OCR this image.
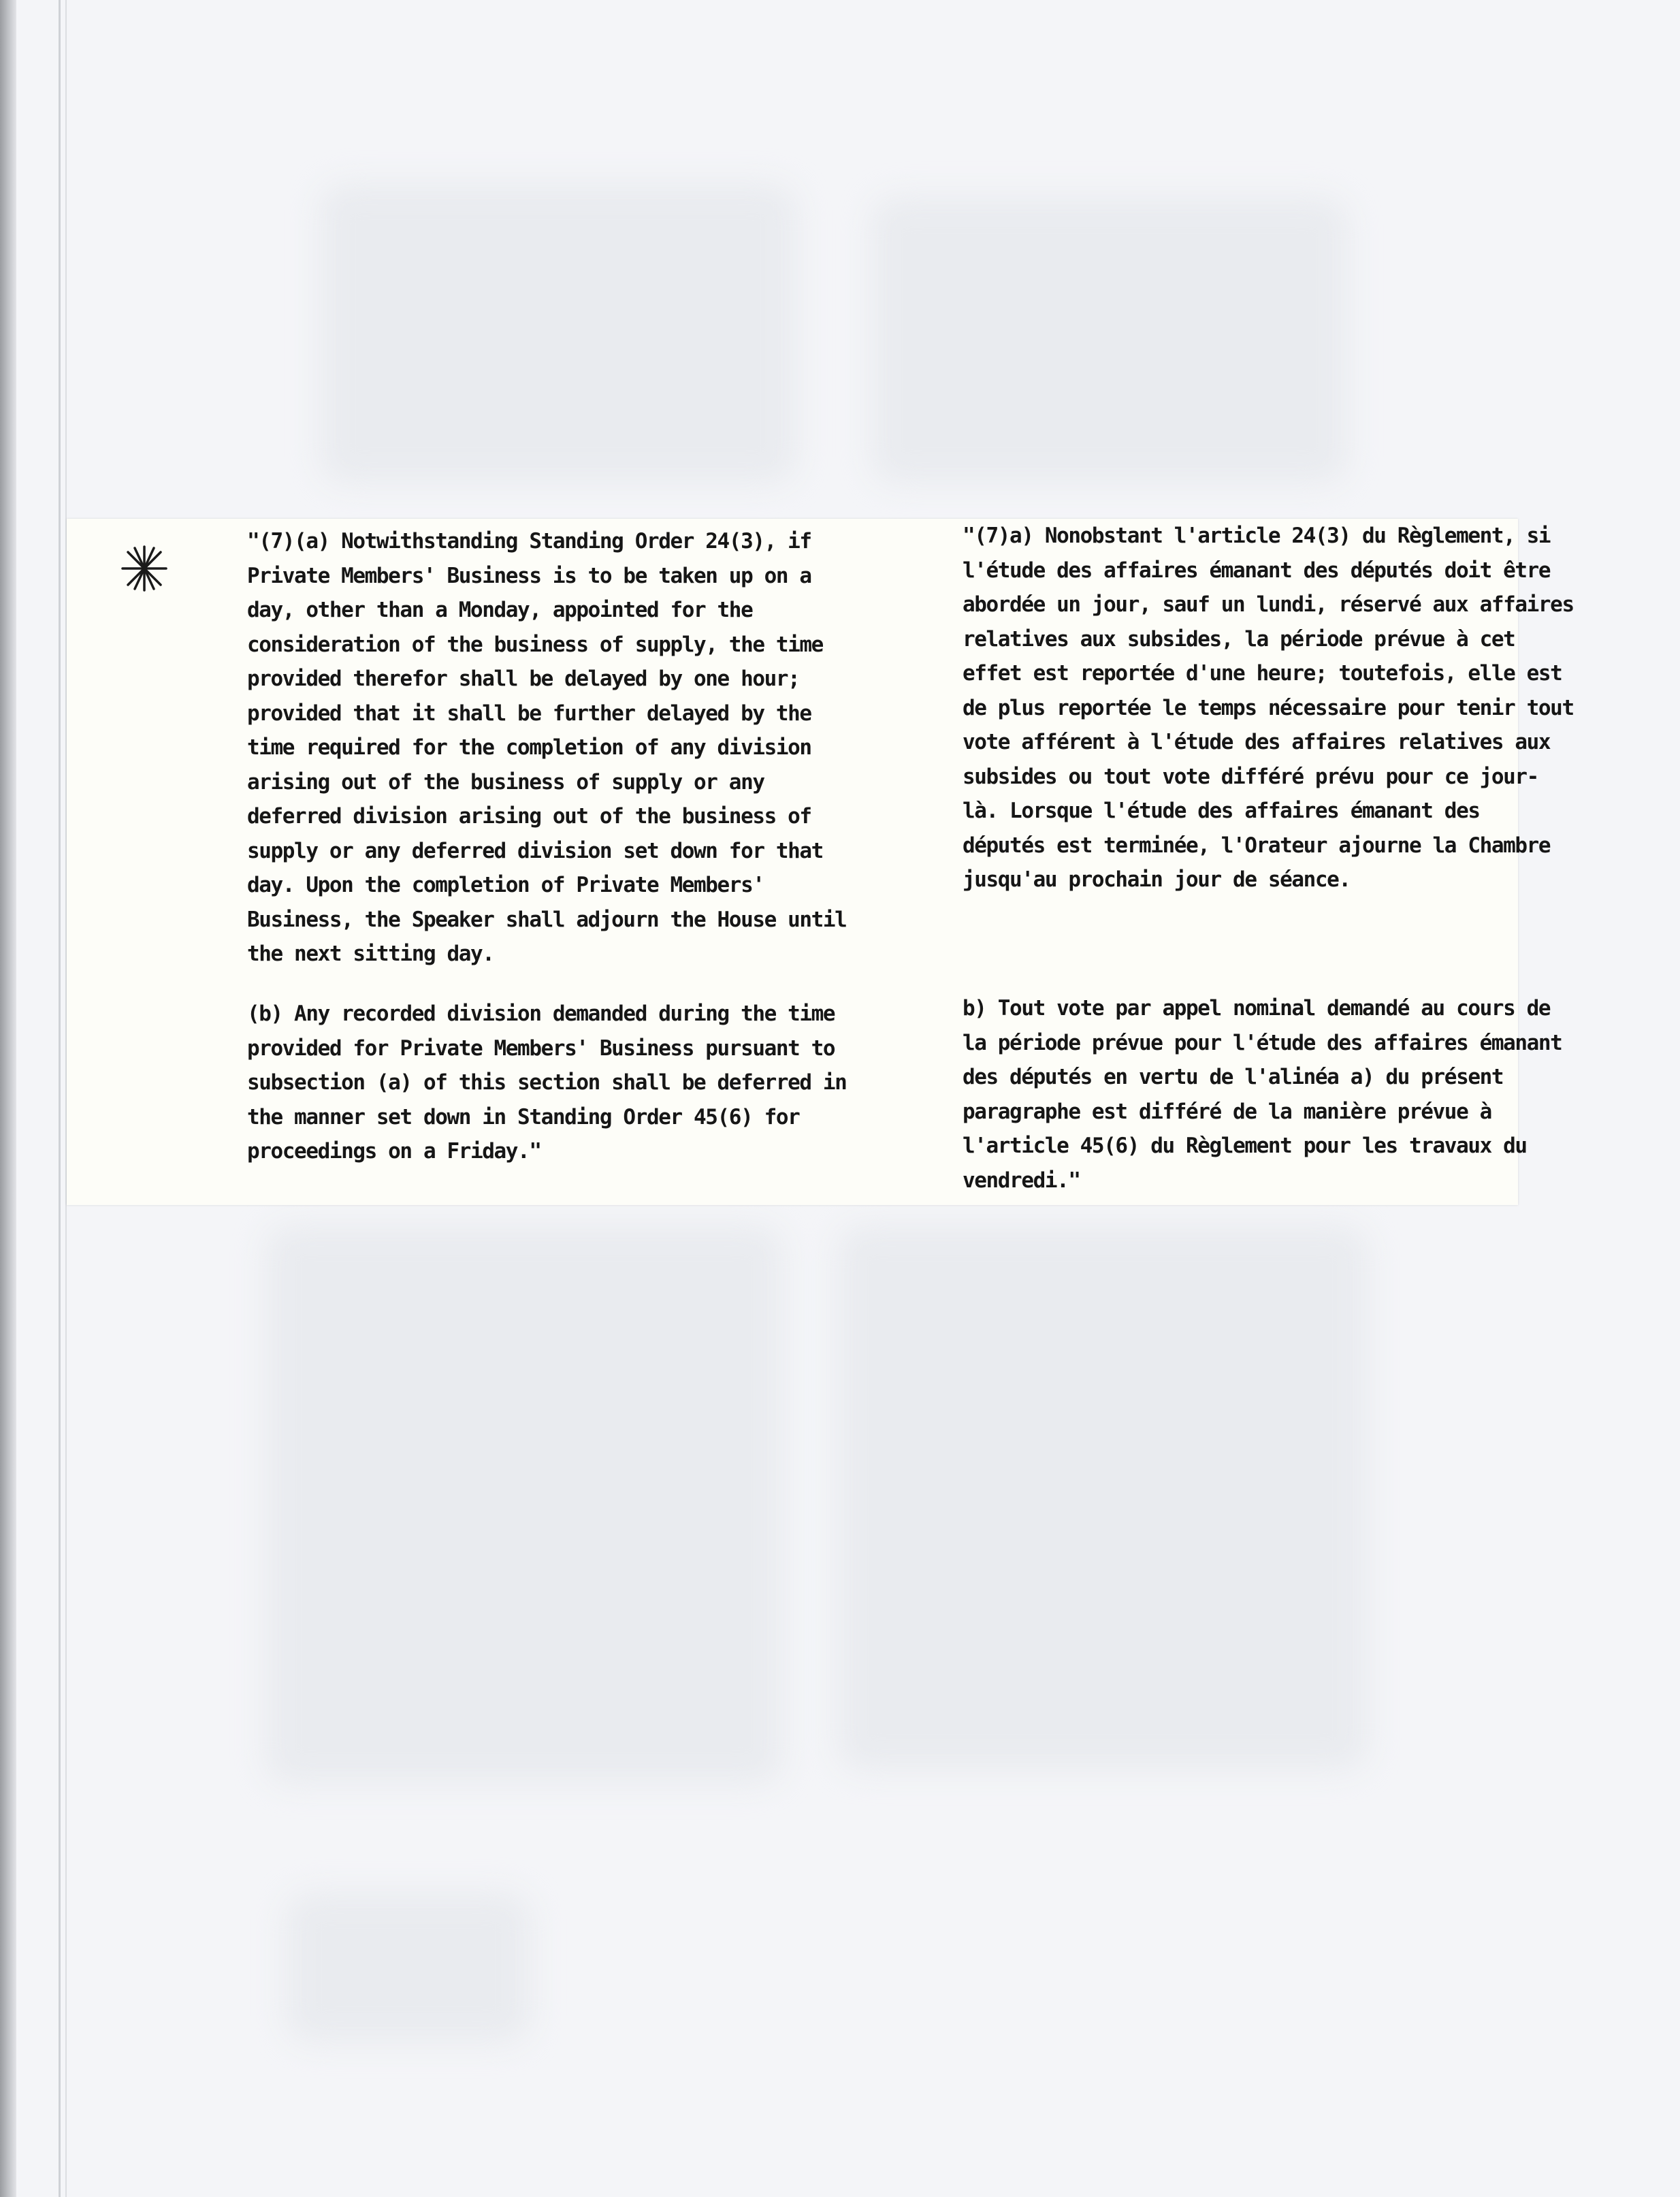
"(7)(a) Notwithstanding Standing Order 24(3), if
Private Members' Business is to be taken up on a
day, other than a Monday, appointed for the
consideration of the business of supply, the time
provided therefor shall be delayed by one hour;
provided that it shall be further delayed by the
time required for the completion of any division
arising out of the business of supply or any
deferred division arising out of the business of
supply or any deferred division set down for that
day. Upon the completion of Private Members'
Business, the Speaker shall adjourn the House until
the next sitting day.
(b) Any recorded division demanded during the time
provided for Private Members' Business pursuant to
subsection (a) of this section shall be deferred in
the manner set down in Standing Order 45(6) for
proceedings on a Friday."
"(7)a) Nonobstant l'article 24(3) du Règlement, si
l'étude des affaires émanant des députés doit être
abordée un jour, sauf un lundi, réservé aux affaires
relatives aux subsides, la période prévue à cet
effet est reportée d'une heure; toutefois, elle est
de plus reportée le temps nécessaire pour tenir tout
vote afférent à l'étude des affaires relatives aux
subsides ou tout vote différé prévu pour ce jour-
là. Lorsque l'étude des affaires émanant des
députés est terminée, l'Orateur ajourne la Chambre
jusqu'au prochain jour de séance.
b) Tout vote par appel nominal demandé au cours de
la période prévue pour l'étude des affaires émanant
des députés en vertu de l'alinéa a) du présent
paragraphe est différé de la manière prévue à
l'article 45(6) du Règlement pour les travaux du
vendredi."
